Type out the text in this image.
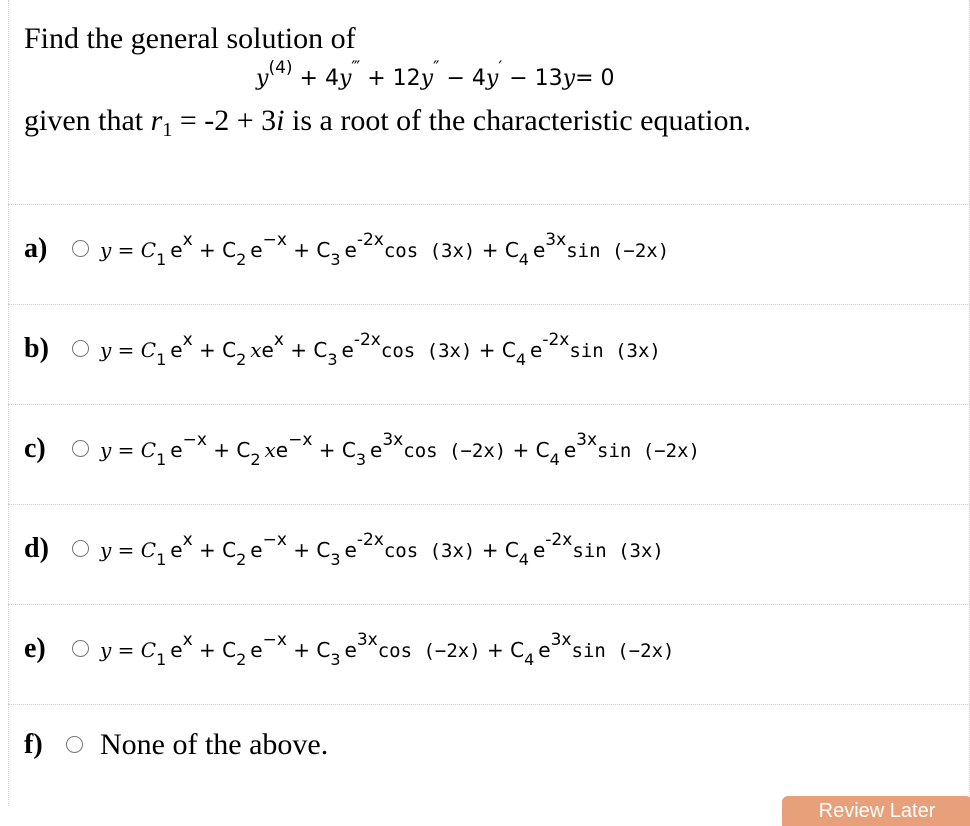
Find the general solution of
$y^{(4)} + 4y^‴ + 12y'' - 4y' - 13y= 0$
given that $r_1 = -2 + 3i$ is a root of the characteristic equation.
a)	$y = C_1$ $e^x + C_2$ $e^{-x} + C_3$ $e^{-2x}\cos$ $(3x) + C_4$ $e^{3x}\sin$ (−2x)
b)	$y = C_1$ $e^x + C_2$ $xe^x + C_3$ $e^{-2x}\cos$ $(3x) + C_4$ $e^{-2x}\sin$ (3x)
c)	$y = C_1$ $e^{-x} + C_2$ $xe^{-x} + C_3$ $e^{3x}\cos$ $(-2x) + C_4$ $e^{3x}\sin$ (−2x)
d)	$y = C_1$ $e^x + C_2$ $e^{-x} + C_3$ $e^{-2x}\cos$ $(3x) + C_4$ $e^{-2x}\sin$ (3x)
e)	$y = C_1$ $e^x + C_2$ $e^{-x} + C_3$ $e^{3x}\cos$ $(-2x) + C_4$ $e^{3x}\sin$ (−2x)
f) None of the above.
Review Later
